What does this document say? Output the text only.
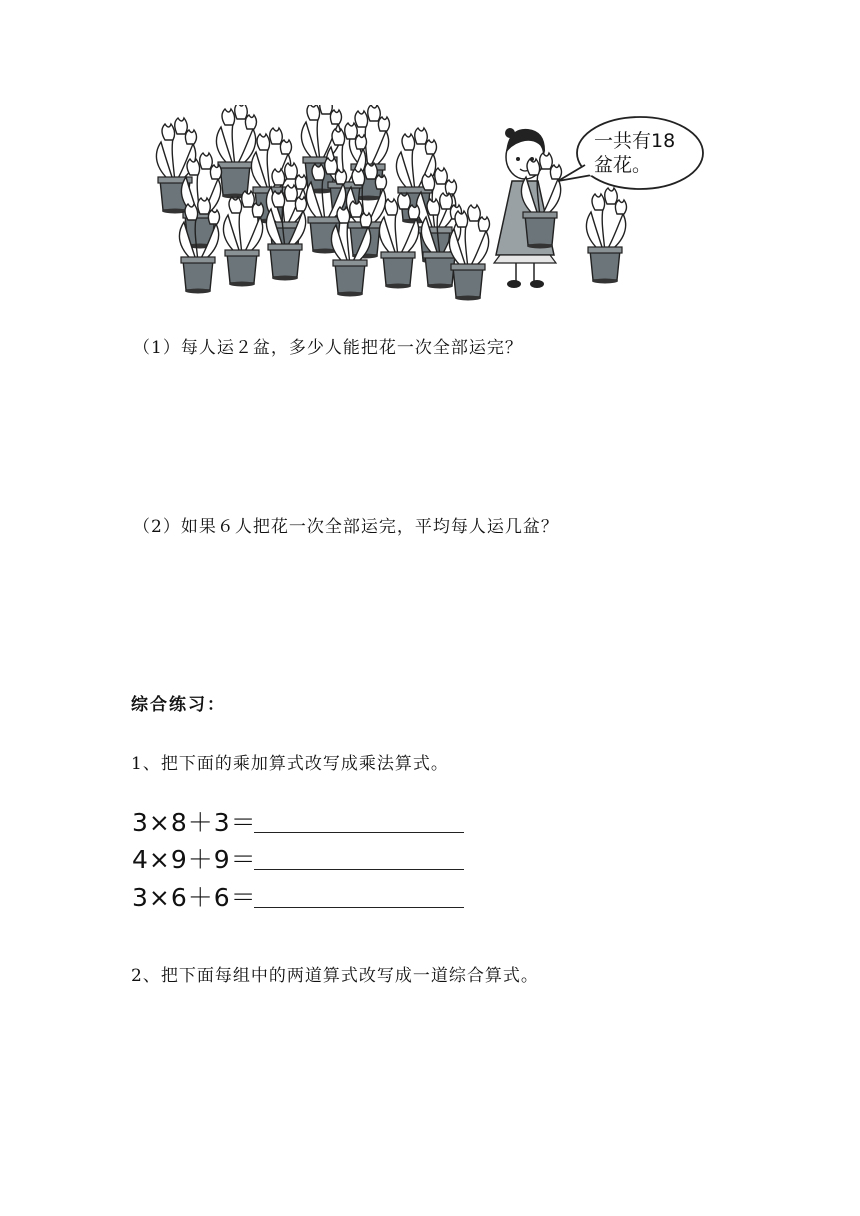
一共有18
盆花。
（1）每人运２盆，多少人能把花一次全部运完？
（2）如果６人把花一次全部运完，平均每人运几盆？
综合练习：
1、把下面的乘加算式改写成乘法算式。
3×8＋3＝
4×9＋9＝
3×6＋6＝
2、把下面每组中的两道算式改写成一道综合算式。
